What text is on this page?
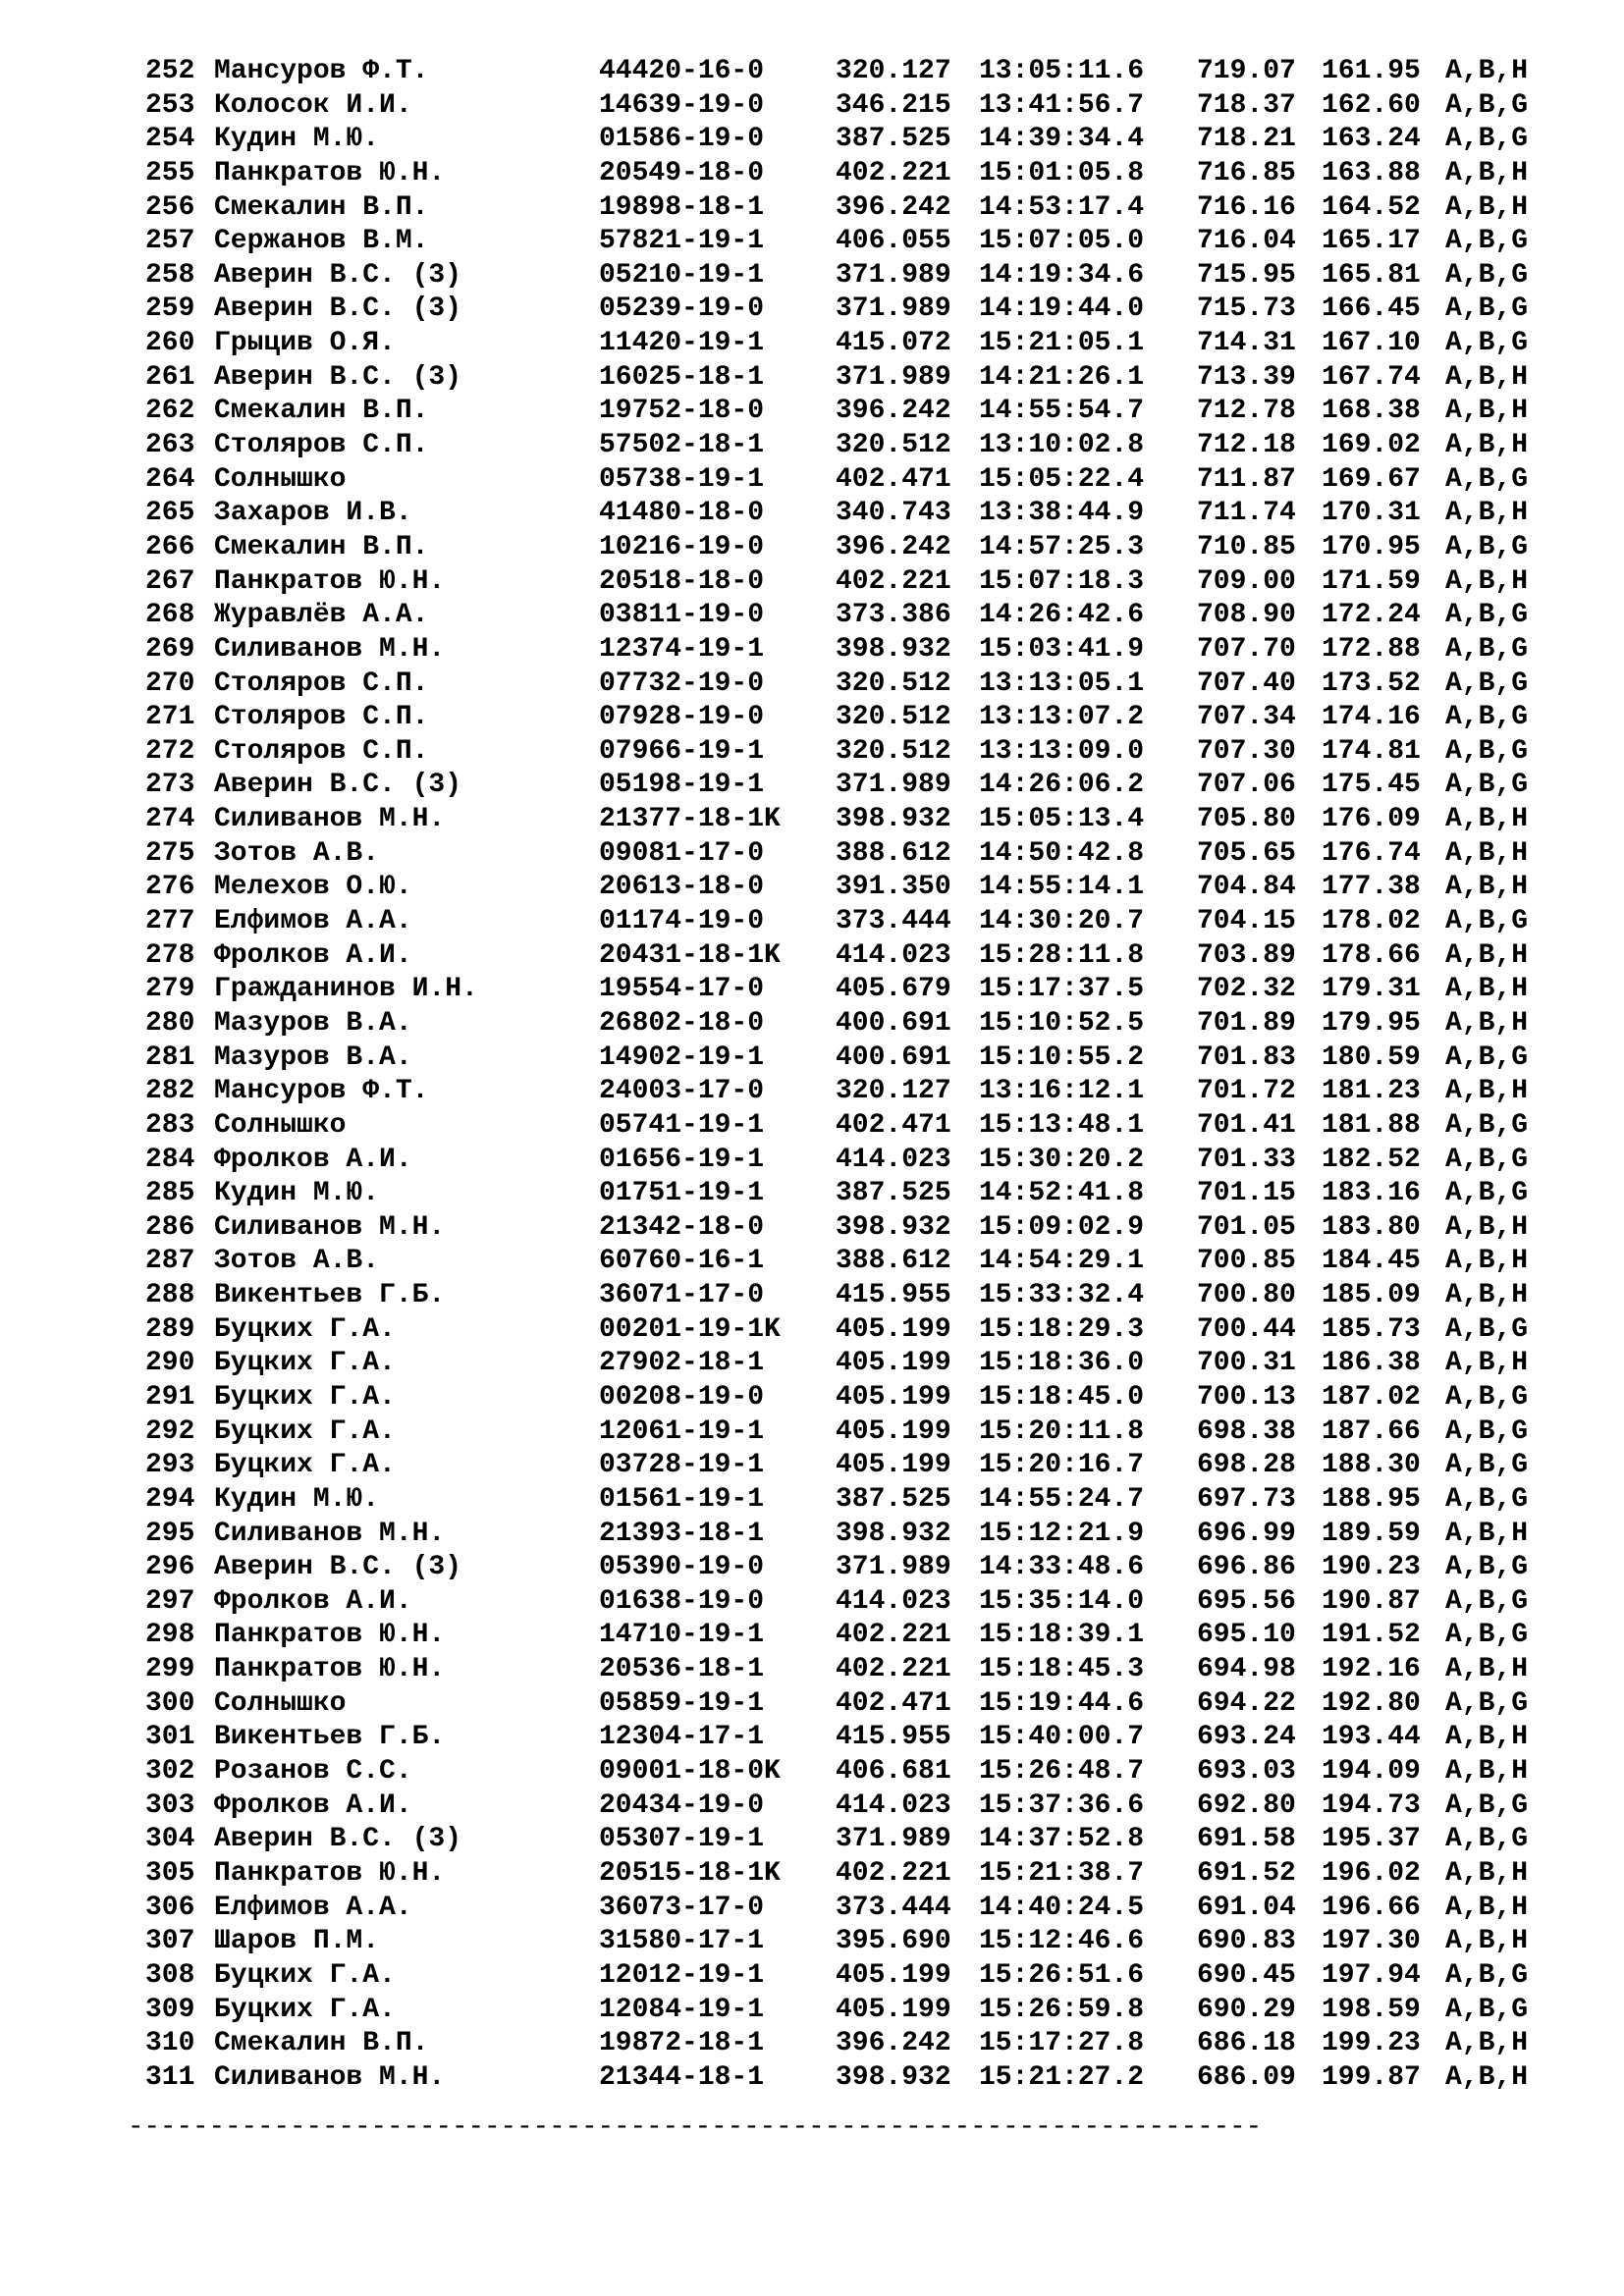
252 Мансуров Ф.Т.	44420-16-0	320.127 13:05:11.6 719.07 161.95 A,B,H
253 Колосок И.И.	14639-19-0	346.215 13:41:56.7 718.37 162.60 A,B,G
254 Кудин М.Ю.	01586-19-0	387.525 14:39:34.4 718.21 163.24 A,B,G
255 Панкратов Ю.Н.	20549-18-0	402.221 15:01:05.8 716.85 163.88 A,B,H
256 Смекалин В.П.	19898-18-1	396.242 14:53:17.4 716.16 164.52 A,B,H
257 Сержанов В.М.	57821-19-1	406.055 15:07:05.0 716.04 165.17 A,B,G
258 Аверин В.С. (3)	05210-19-1	371.989 14:19:34.6 715.95 165.81 A,B,G
259 Аверин В.С. (3)	05239-19-0	371.989 14:19:44.0 715.73 166.45 A,B,G
260 Грыцив О.Я.	11420-19-1	415.072 15:21:05.1 714.31 167.10 A,B,G
261 Аверин В.С. (3)	16025-18-1	371.989 14:21:26.1 713.39 167.74 A,B,H
262 Смекалин В.П.	19752-18-0	396.242 14:55:54.7 712.78 168.38 A,B,H
263 Столяров С.П.	57502-18-1	320.512 13:10:02.8 712.18 169.02 A,B,H
264 Солнышко	05738-19-1	402.471 15:05:22.4 711.87 169.67 A,B,G
265 Захаров И.В.	41480-18-0	340.743 13:38:44.9 711.74 170.31 A,B,H
266 Смекалин В.П.	10216-19-0	396.242 14:57:25.3 710.85 170.95 A,B,G
267 Панкратов Ю.Н.	20518-18-0	402.221 15:07:18.3 709.00 171.59 A,B,H
268 Журавлёв А.А.	03811-19-0	373.386 14:26:42.6 708.90 172.24 A,B,G
269 Силиванов М.Н.	12374-19-1	398.932 15:03:41.9 707.70 172.88 A,B,G
270 Столяров С.П.	07732-19-0	320.512 13:13:05.1 707.40 173.52 A,B,G
271 Столяров С.П.	07928-19-0	320.512 13:13:07.2 707.34 174.16 A,B,G
272 Столяров С.П.	07966-19-1	320.512 13:13:09.0 707.30 174.81 A,B,G
273 Аверин В.С. (3)	05198-19-1	371.989 14:26:06.2 707.06 175.45 A,B,G
274 Силиванов М.Н.	21377-18-1K 398.932 15:05:13.4 705.80 176.09 A,B,H
275 Зотов А.В.	09081-17-0	388.612 14:50:42.8 705.65 176.74 A,B,H
276 Мелехов О.Ю.	20613-18-0	391.350 14:55:14.1 704.84 177.38 A,B,H
277 Елфимов А.А.	01174-19-0	373.444 14:30:20.7 704.15 178.02 A,B,G
278 Фролков А.И.	20431-18-1K 414.023 15:28:11.8 703.89 178.66 A,B,H
279 Гражданинов И.Н.	19554-17-0	405.679 15:17:37.5 702.32 179.31 A,B,H
280 Мазуров В.А.	26802-18-0	400.691 15:10:52.5 701.89 179.95 A,B,H
281 Мазуров В.А.	14902-19-1	400.691 15:10:55.2 701.83 180.59 A,B,G
282 Мансуров Ф.Т.	24003-17-0	320.127 13:16:12.1 701.72 181.23 A,B,H
283 Солнышко	05741-19-1	402.471 15:13:48.1 701.41 181.88 A,B,G
284 Фролков А.И.	01656-19-1	414.023 15:30:20.2 701.33 182.52 A,B,G
285 Кудин М.Ю.	01751-19-1	387.525 14:52:41.8 701.15 183.16 A,B,G
286 Силиванов М.Н.	21342-18-0	398.932 15:09:02.9 701.05 183.80 A,B,H
287 Зотов А.В.	60760-16-1	388.612 14:54:29.1 700.85 184.45 A,B,H
288 Викентьев Г.Б.	36071-17-0	415.955 15:33:32.4 700.80 185.09 A,B,H
289 Буцких Г.А.	00201-19-1K 405.199 15:18:29.3 700.44 185.73 A,B,G
290 Буцких Г.А.	27902-18-1	405.199 15:18:36.0 700.31 186.38 A,B,H
291 Буцких Г.А.	00208-19-0	405.199 15:18:45.0 700.13 187.02 A,B,G
292 Буцких Г.А.	12061-19-1	405.199 15:20:11.8 698.38 187.66 A,B,G
293 Буцких Г.А.	03728-19-1	405.199 15:20:16.7 698.28 188.30 A,B,G
294 Кудин М.Ю.	01561-19-1	387.525 14:55:24.7 697.73 188.95 A,B,G
295 Силиванов М.Н.	21393-18-1	398.932 15:12:21.9 696.99 189.59 A,B,H
296 Аверин В.С. (3)	05390-19-0	371.989 14:33:48.6 696.86 190.23 A,B,G
297 Фролков А.И.	01638-19-0	414.023 15:35:14.0 695.56 190.87 A,B,G
298 Панкратов Ю.Н.	14710-19-1	402.221 15:18:39.1 695.10 191.52 A,B,G
299 Панкратов Ю.Н.	20536-18-1	402.221 15:18:45.3 694.98 192.16 A,B,H
300 Солнышко	05859-19-1	402.471 15:19:44.6 694.22 192.80 A,B,G
301 Викентьев Г.Б.	12304-17-1	415.955 15:40:00.7 693.24 193.44 A,B,H
302 Розанов С.С.	09001-18-0K 406.681 15:26:48.7 693.03 194.09 A,B,H
303 Фролков А.И.	20434-19-0	414.023 15:37:36.6 692.80 194.73 A,B,G
304 Аверин В.С. (3)	05307-19-1	371.989 14:37:52.8 691.58 195.37 A,B,G
305 Панкратов Ю.Н.	20515-18-1K 402.221 15:21:38.7 691.52 196.02 A,B,H
306 Елфимов А.А.	36073-17-0	373.444 14:40:24.5 691.04 196.66 A,B,H
307 Шаров П.М.	31580-17-1	395.690 15:12:46.6 690.83 197.30 A,B,H
308 Буцких Г.А.	12012-19-1	405.199 15:26:51.6 690.45 197.94 A,B,G
309 Буцких Г.А.	12084-19-1	405.199 15:26:59.8 690.29 198.59 A,B,G
310 Смекалин В.П.	19872-18-1	396.242 15:17:27.8 686.18 199.23 A,B,H
311 Силиванов М.Н.	21344-18-1	398.932 15:21:27.2 686.09 199.87 A,B,H
----------------------------------------------------------------------
